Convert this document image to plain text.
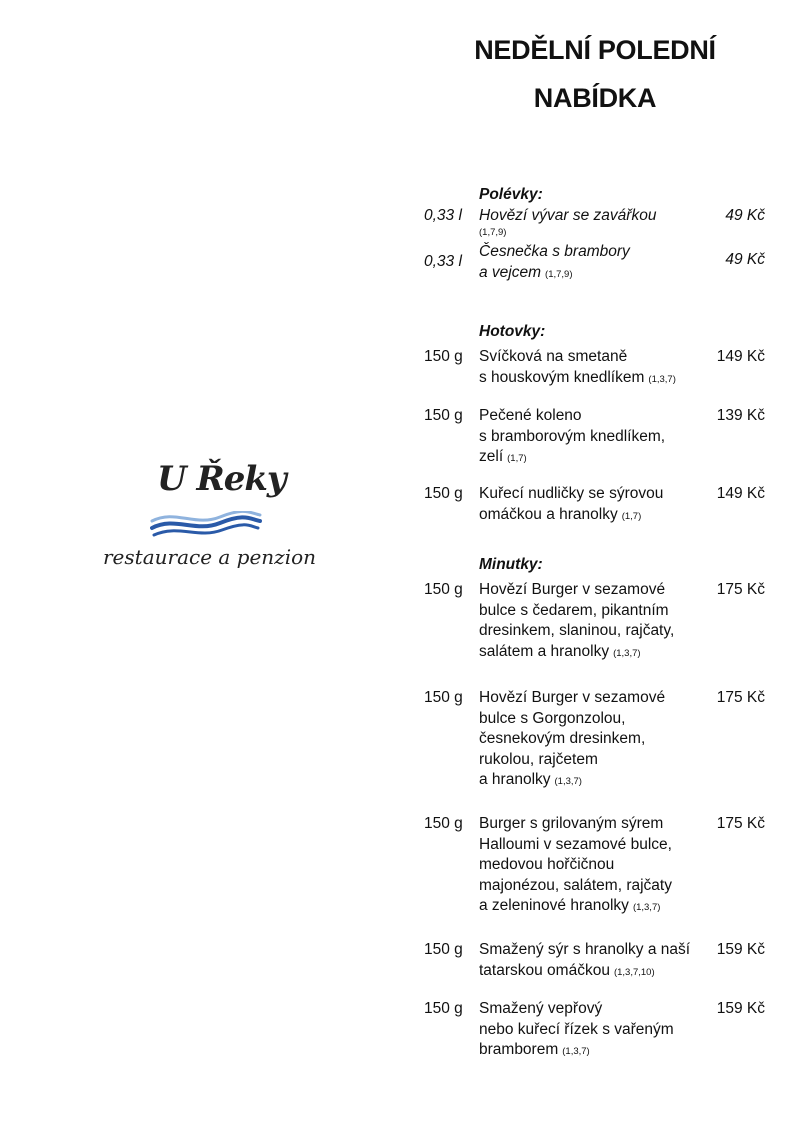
NEDĚLNÍ POLEDNÍ
NABÍDKA
U Řeky
restaurace a penzion
Polévky:
Hotovky:
Minutky:
0,33 l Hovězí vývar se zavářkou
(1,7,9)
49 Kč
0,33 l
Česnečka s brambory
a vejcem (1,7,9)
49 Kč
150 g Svíčková na smetaně
s houskovým knedlíkem (1,3,7)
149 Kč
150 g Pečené koleno
s bramborovým knedlíkem,
zelí (1,7)
139 Kč
150 g Kuřecí nudličky se sýrovou
omáčkou a hranolky (1,7)
149 Kč
150 g Hovězí Burger v sezamové
bulce s čedarem, pikantním
dresinkem, slaninou, rajčaty,
salátem a hranolky (1,3,7)
175 Kč
150 g Hovězí Burger v sezamové
bulce s Gorgonzolou,
česnekovým dresinkem,
rukolou, rajčetem
a hranolky (1,3,7)
175 Kč
150 g Burger s grilovaným sýrem
Halloumi v sezamové bulce,
medovou hořčičnou
majonézou, salátem, rajčaty
a zeleninové hranolky (1,3,7)
175 Kč
150 g Smažený sýr s hranolky a naší
tatarskou omáčkou (1,3,7,10)
159 Kč
150 g Smažený vepřový
nebo kuřecí řízek s vařeným
bramborem (1,3,7)
159 Kč
